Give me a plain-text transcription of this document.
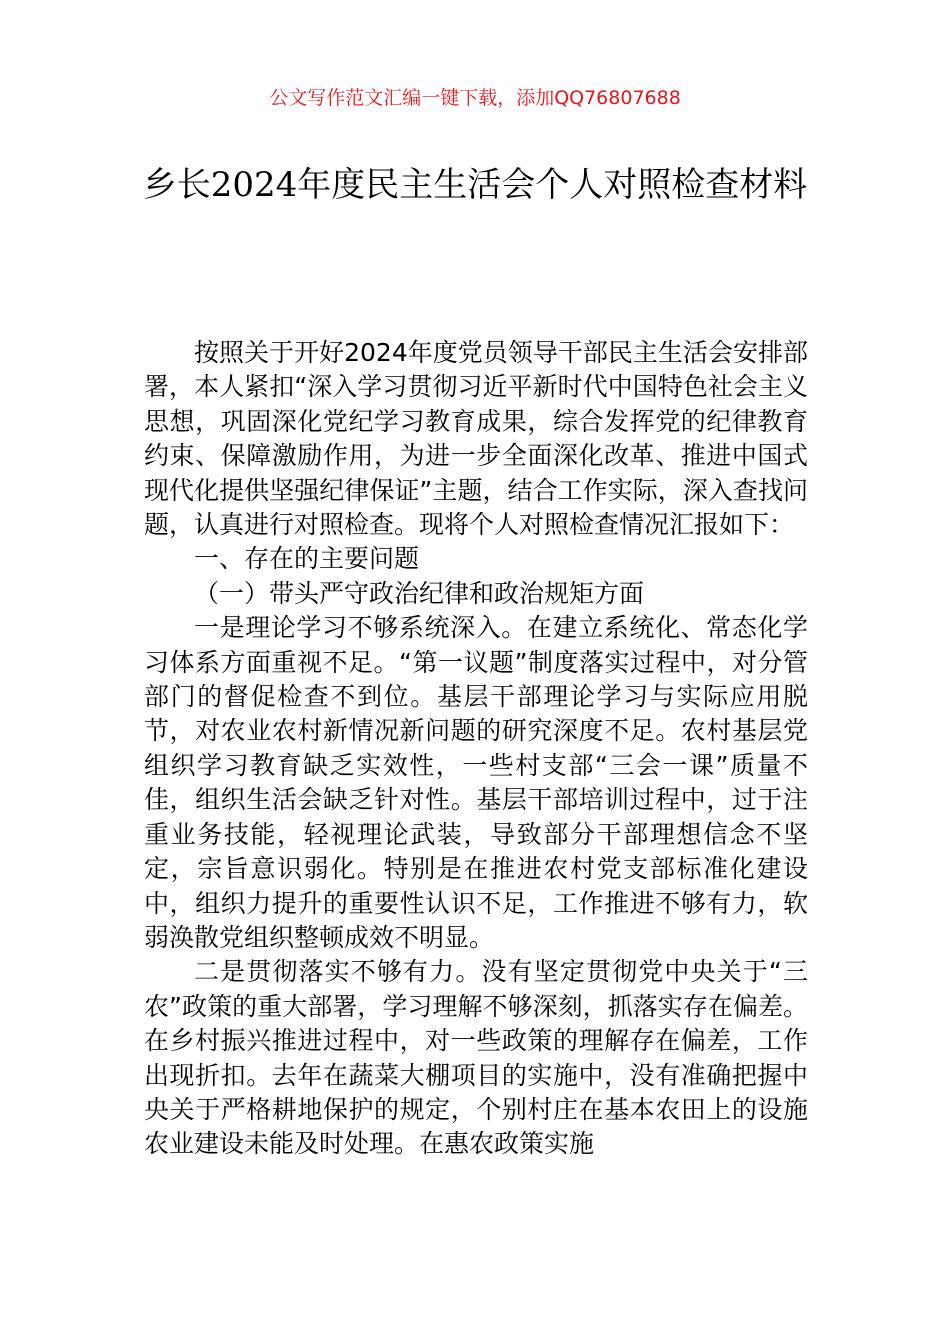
公文写作范文汇编一键下载，添加QQ76807688
乡长2024年度民主生活会个人对照检查材料

按照关于开好2024年度党员领导干部民主生活会安排部署，本人紧扣“深入学习贯彻习近平新时代中国特色社会主义思想，巩固深化党纪学习教育成果，综合发挥党的纪律教育约束、保障激励作用，为进一步全面深化改革、推进中国式现代化提供坚强纪律保证”主题，结合工作实际，深入查找问题，认真进行对照检查。现将个人对照检查情况汇报如下：

一、存在的主要问题

（一）带头严守政治纪律和政治规矩方面

一是理论学习不够系统深入。在建立系统化、常态化学习体系方面重视不足。“第一议题”制度落实过程中，对分管部门的督促检查不到位。基层干部理论学习与实际应用脱节，对农业农村新情况新问题的研究深度不足。农村基层党组织学习教育缺乏实效性，一些村支部“三会一课”质量不佳，组织生活会缺乏针对性。基层干部培训过程中，过于注重业务技能，轻视理论武装，导致部分干部理想信念不坚定，宗旨意识弱化。特别是在推进农村党支部标准化建设中，组织力提升的重要性认识不足，工作推进不够有力，软弱涣散党组织整顿成效不明显。

二是贯彻落实不够有力。没有坚定贯彻党中央关于“三农”政策的重大部署，学习理解不够深刻，抓落实存在偏差。在乡村振兴推进过程中，对一些政策的理解存在偏差，工作出现折扣。去年在蔬菜大棚项目的实施中，没有准确把握中央关于严格耕地保护的规定，个别村庄在基本农田上的设施农业建设未能及时处理。在惠农政策实施
